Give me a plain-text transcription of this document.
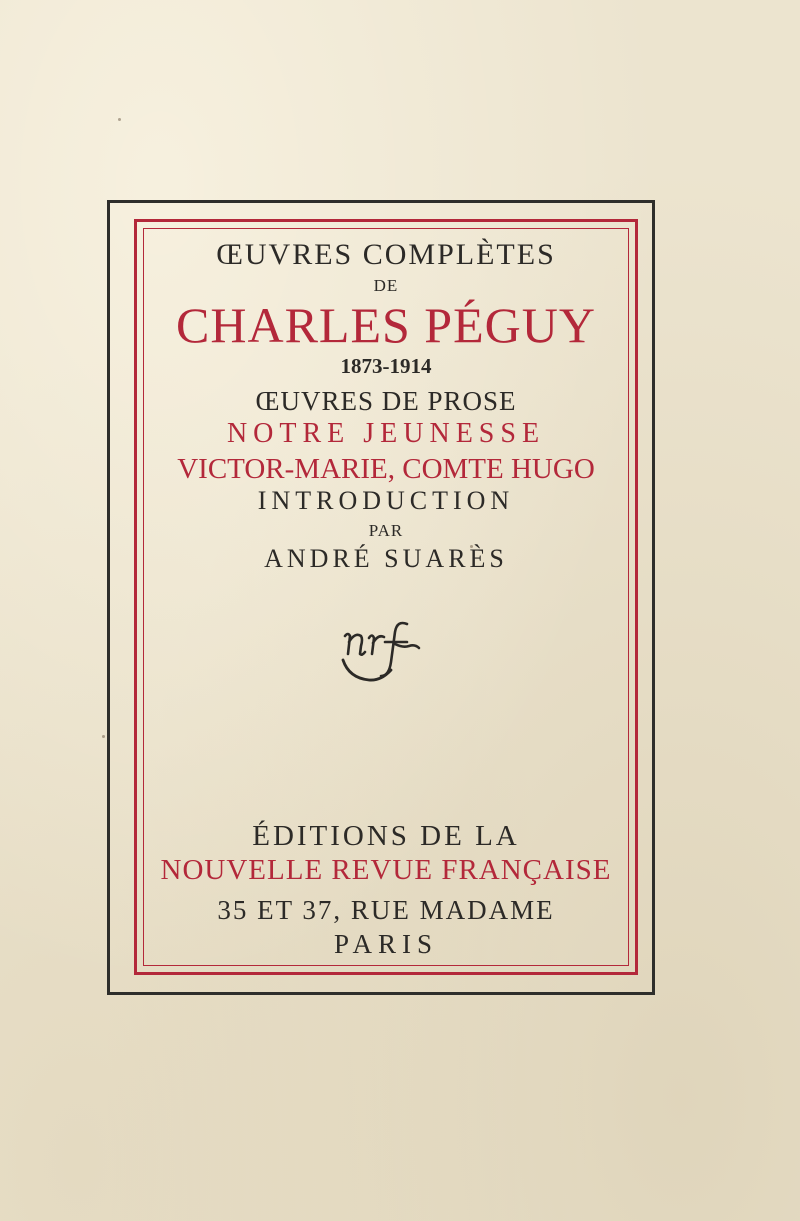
ŒUVRES COMPLÈTES
DE
CHARLES PÉGUY
1873-1914
ŒUVRES DE PROSE
NOTRE JEUNESSE
VICTOR-MARIE, COMTE HUGO
INTRODUCTION
PAR
ANDRÉ SUARÈS
ÉDITIONS DE LA
NOUVELLE REVUE FRANÇAISE
35 ET 37, RUE MADAME
PARIS
